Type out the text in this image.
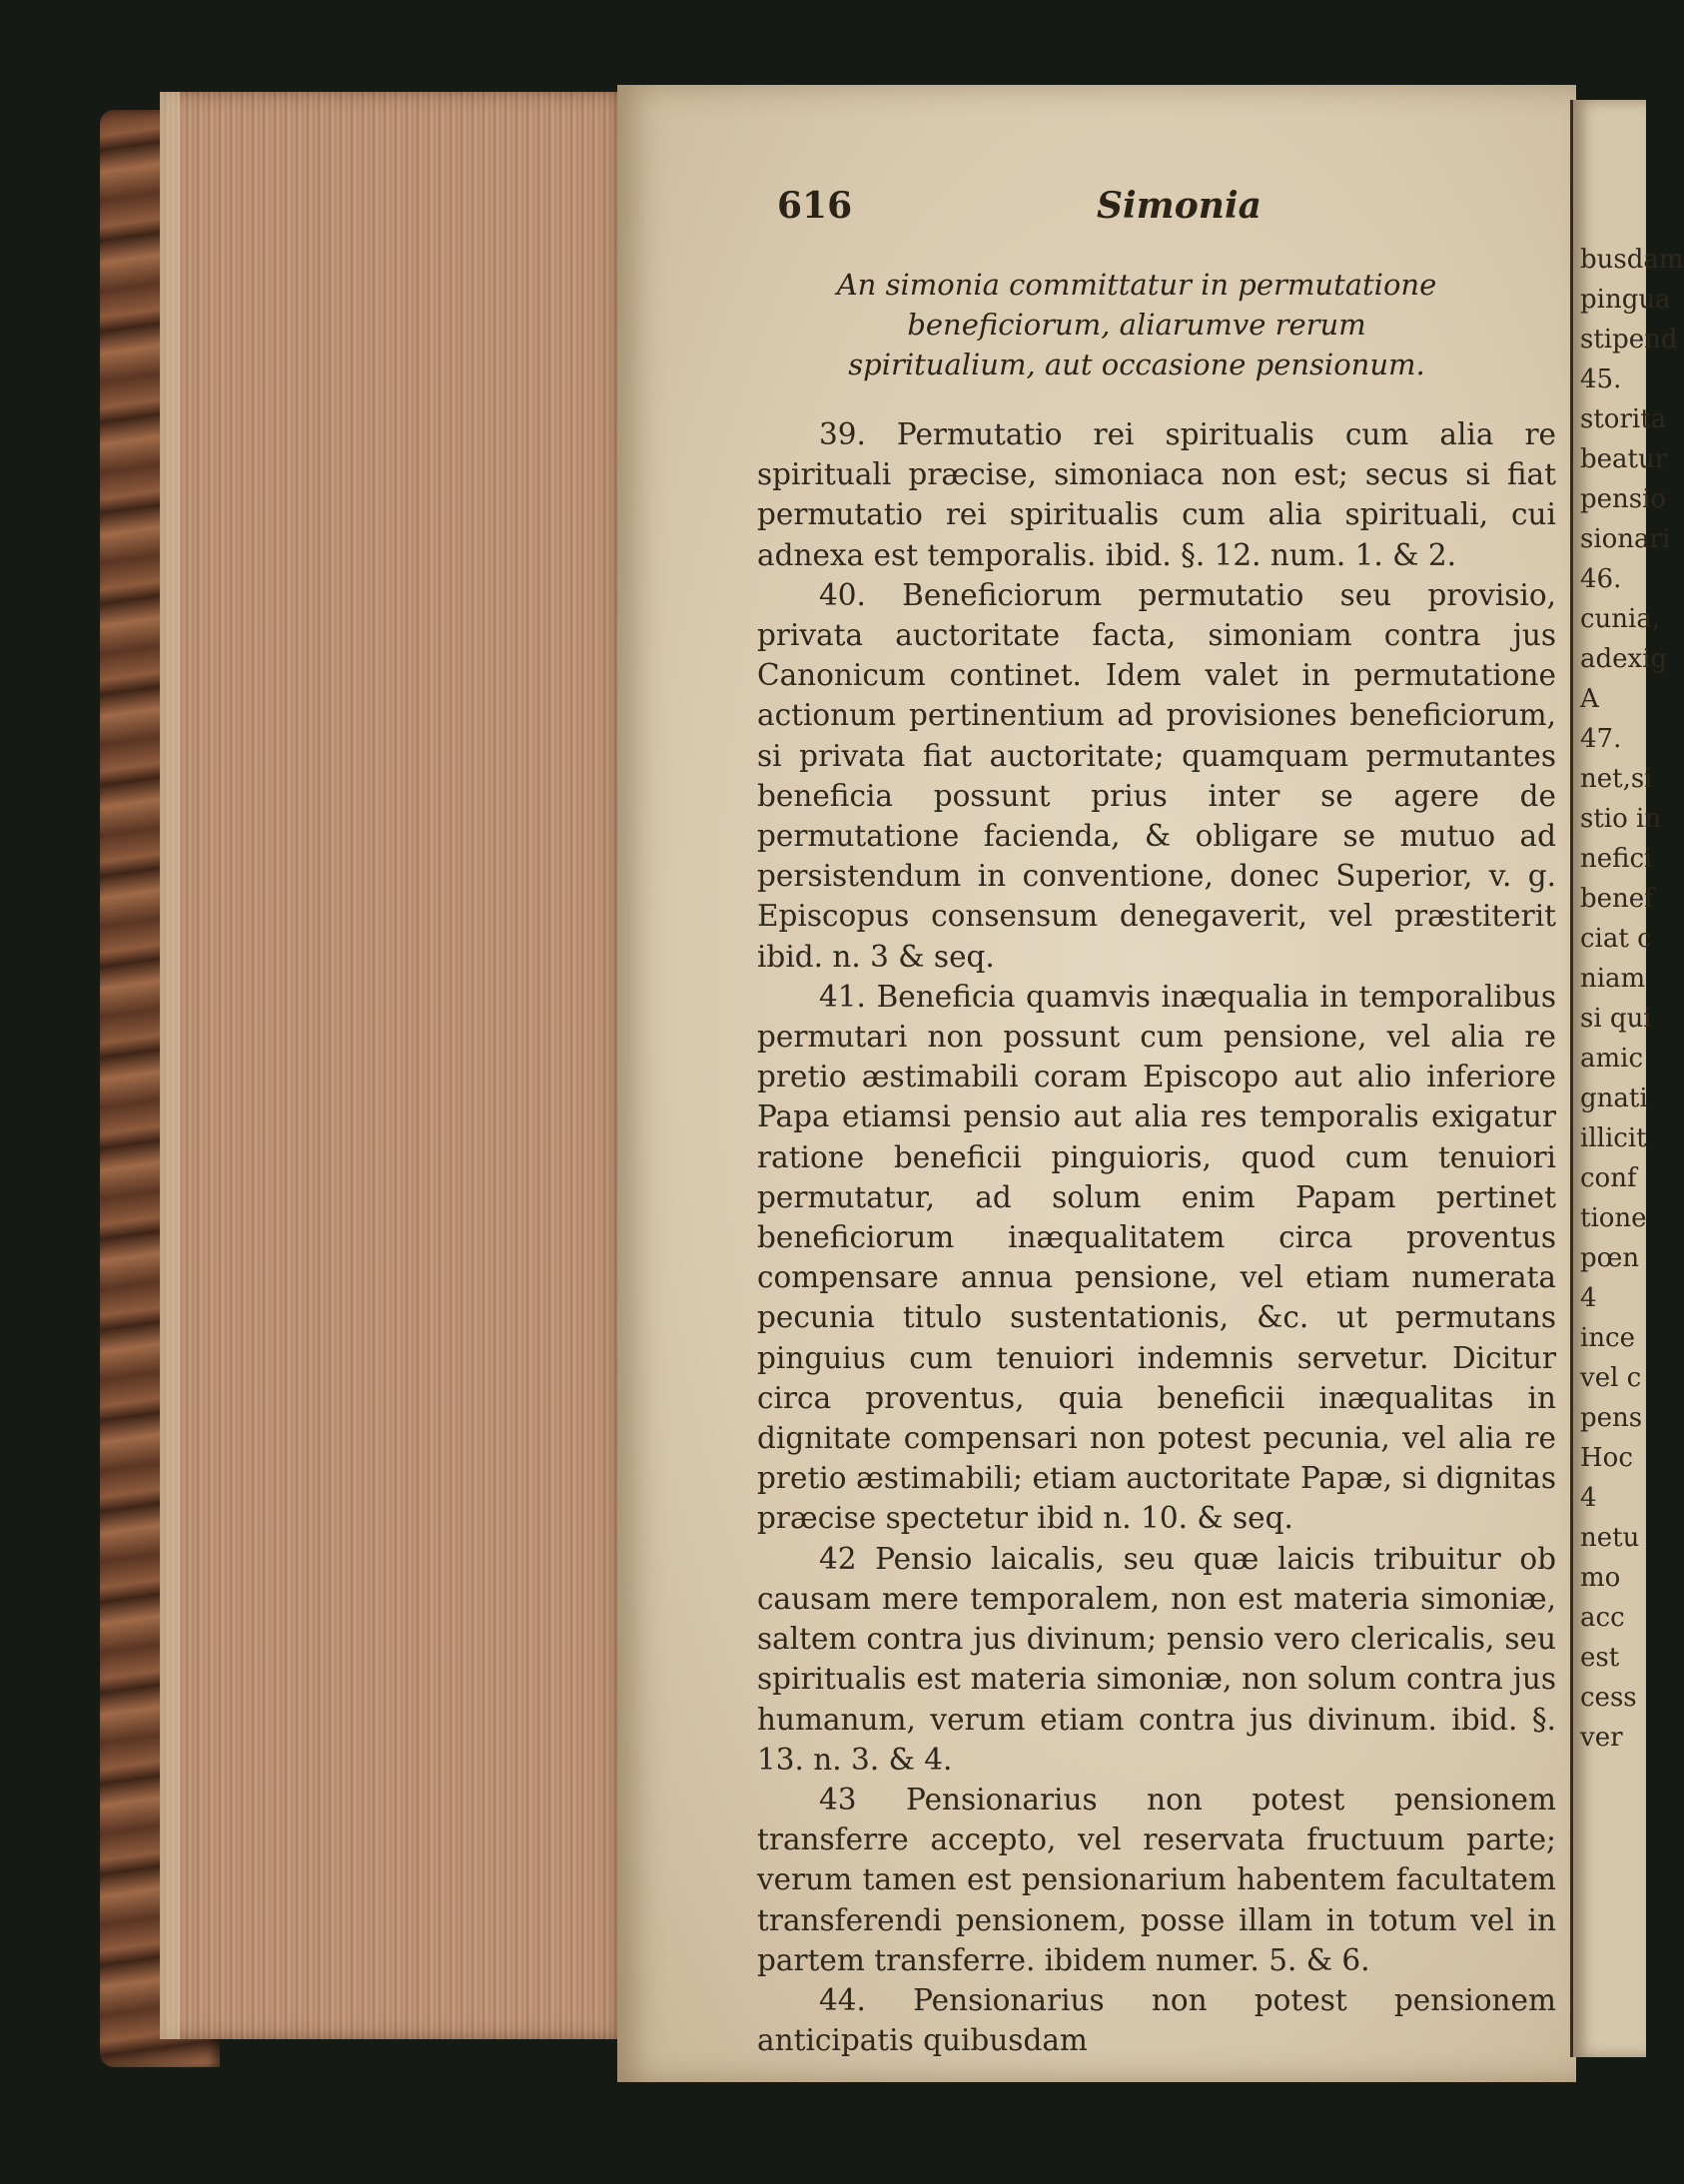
616	Simonia
An simonia committatur in permutatione beneficiorum, aliarumve rerum spiritualium, aut occasione pensionum.

39. Permutatio rei spiritualis cum alia re spirituali præcise, simoniaca non est; secus si fiat permutatio rei spiritualis cum alia spirituali, cui adnexa est temporalis. ibid. §. 12. num. 1. & 2.

40. Beneficiorum permutatio seu provisio, privata auctoritate facta, simoniam contra jus Canonicum continet. Idem valet in permutatione actionum pertinentium ad provisiones beneficiorum, si privata fiat auctoritate; quamquam permutantes beneficia possunt prius inter se agere de permutatione facienda, & obligare se mutuo ad persistendum in conventione, donec Superior, v. g. Episcopus consensum denegaverit, vel præstiterit ibid. n. 3 & seq.

41. Beneficia quamvis inæqualia in temporalibus permutari non possunt cum pensione, vel alia re pretio æstimabili coram Episcopo aut alio inferiore Papa etiamsi pensio aut alia res temporalis exigatur ratione beneficii pinguioris, quod cum tenuiori permutatur, ad solum enim Papam pertinet beneficiorum inæqualitatem circa proventus compensare annua pensione, vel etiam numerata pecunia titulo sustentationis, &c. ut permutans pinguius cum tenuiori indemnis servetur. Dicitur circa proventus, quia beneficii inæqualitas in dignitate compensari non potest pecunia, vel alia re pretio æstimabili; etiam auctoritate Papæ, si dignitas præcise spectetur ibid n. 10. & seq.

42 Pensio laicalis, seu quæ laicis tribuitur ob causam mere temporalem, non est materia simoniæ, saltem contra jus divinum; pensio vero clericalis, seu spiritualis est materia simoniæ, non solum contra jus humanum, verum etiam contra jus divinum. ibid. §. 13. n. 3. & 4.

43 Pensionarius non potest pensionem transferre accepto, vel reservata fructuum parte; verum tamen est pensionarium habentem facultatem transferendi pensionem, posse illam in totum vel in partem transferre. ibidem numer. 5. & 6.

44. Pensionarius non potest pensionem anticipatis quibusdam

busdam
pingua
stipend
45.
storita
beatur
pensio
sionari
46.
cunia,
adexig
A
47.
net,si
stio in
nefici
benef
ciat c
niam
si qui
amic
gnati
illicit
conf
tione
pœn
4
ince
vel c
pens
Hoc
4
netu
mo
acc
est
cess
ver
